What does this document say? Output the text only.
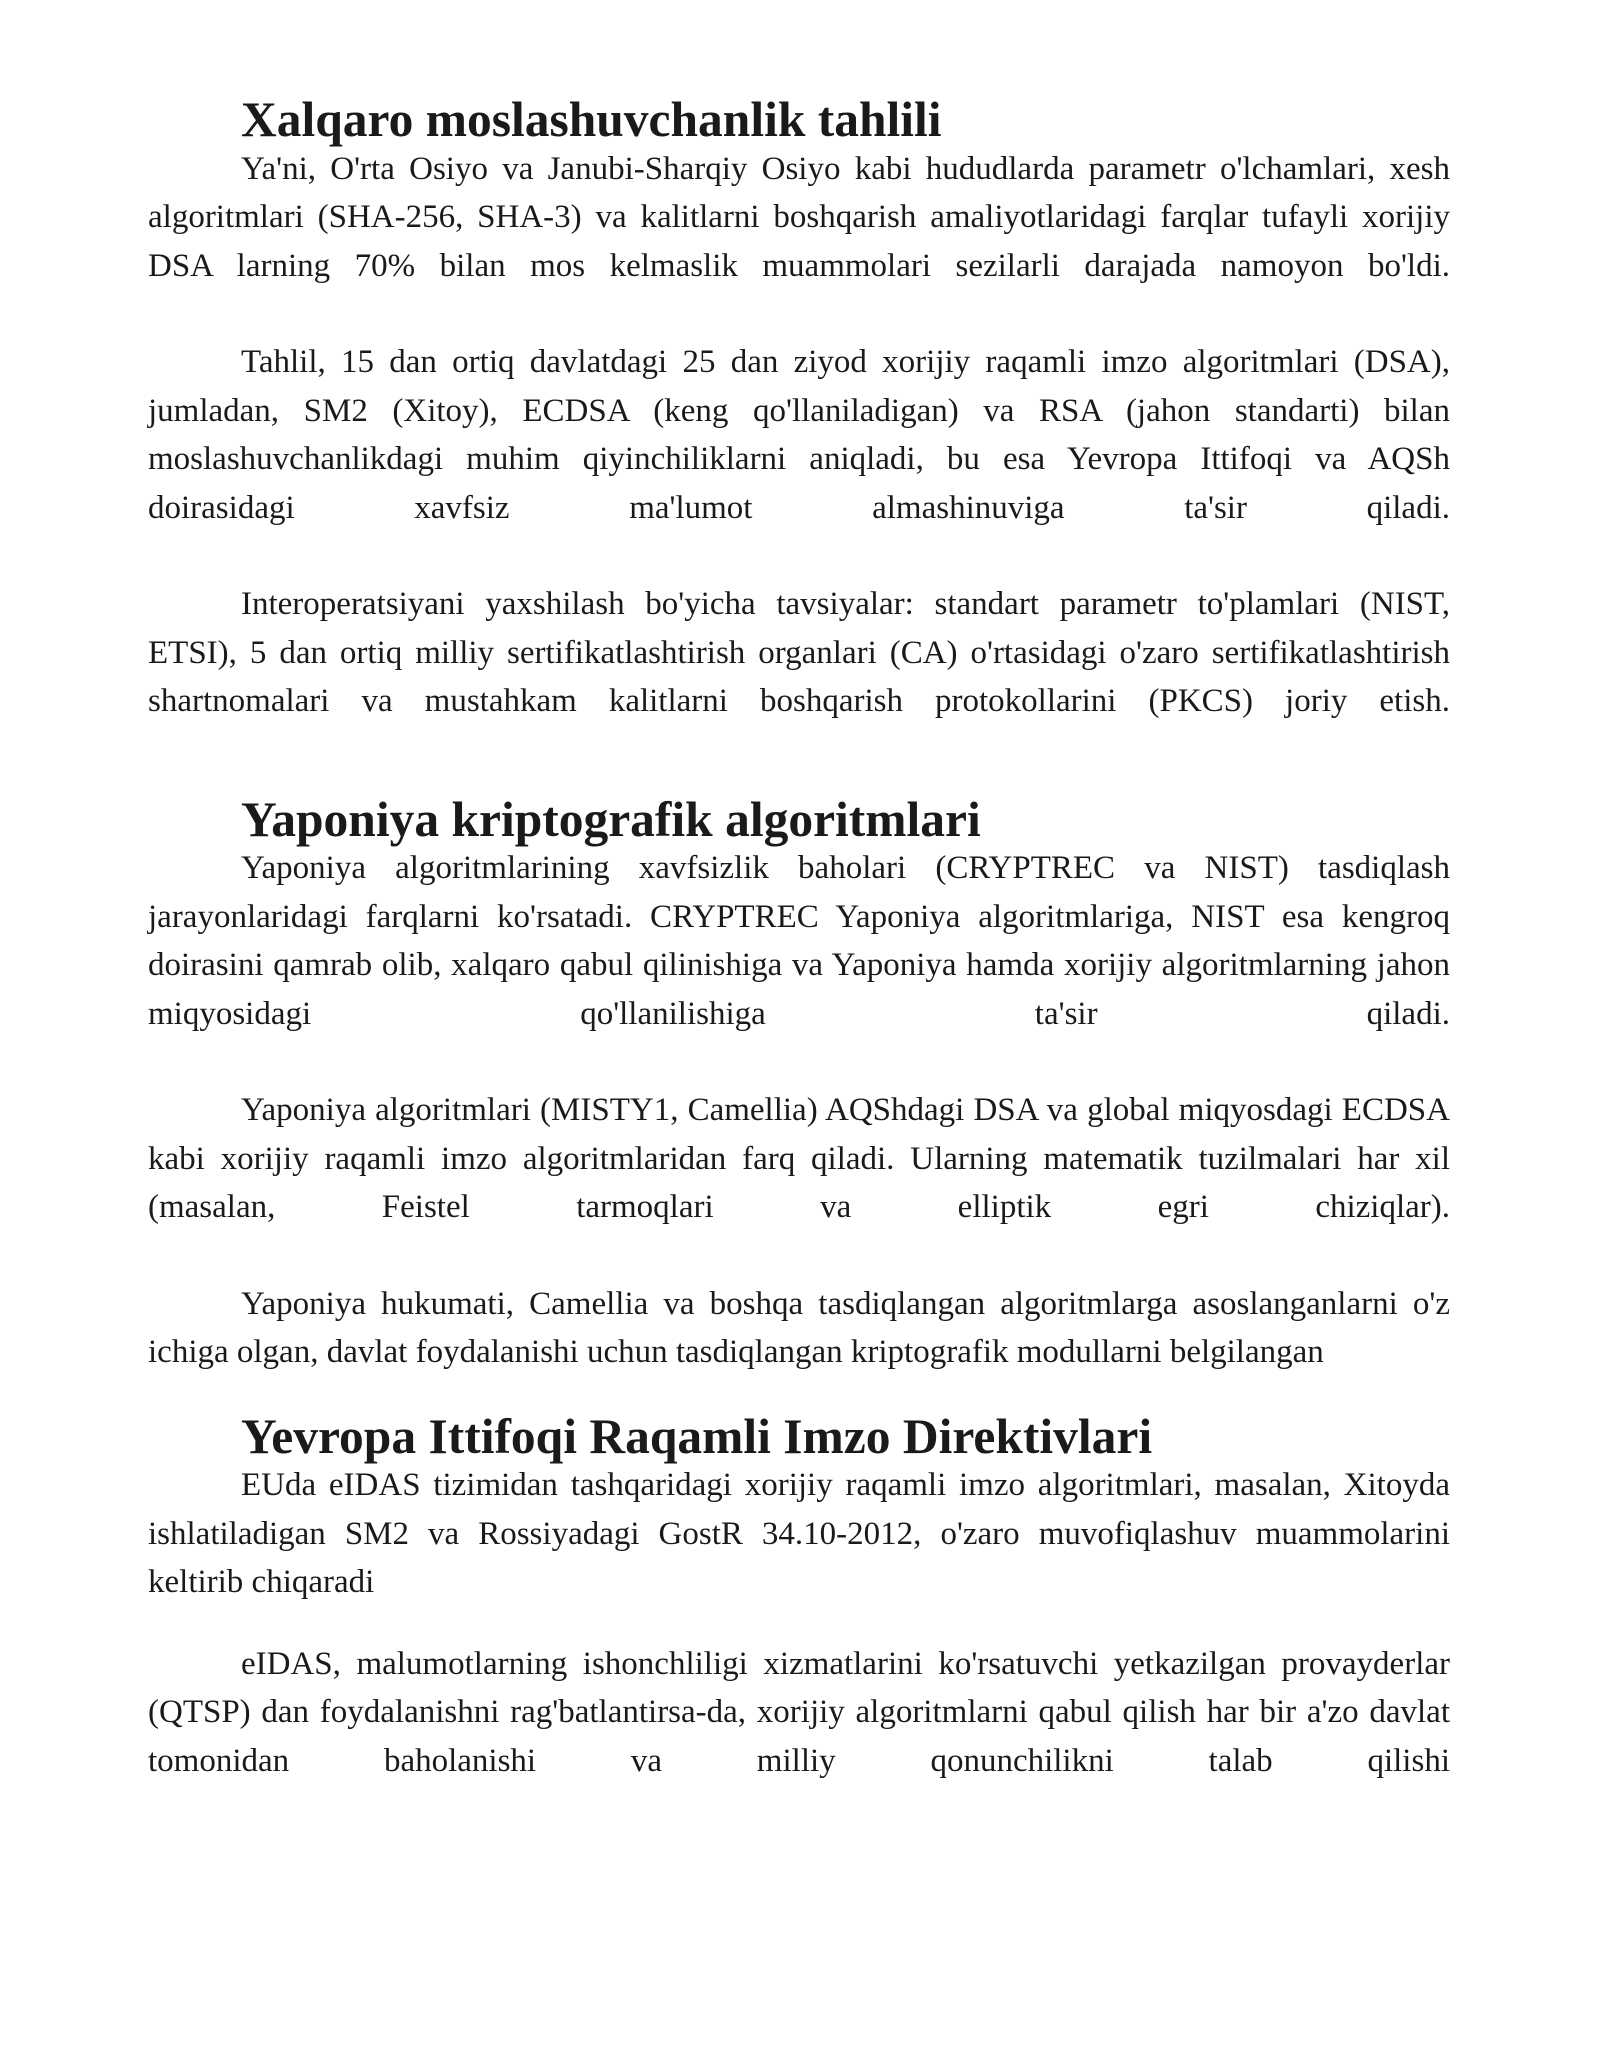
Xalqaro moslashuvchanlik tahlili

Ya'ni, O'rta Osiyo va Janubi-Sharqiy Osiyo kabi hududlarda parametr o'lchamlari, xesh algoritmlari (SHA-256, SHA-3) va kalitlarni boshqarish amaliyotlaridagi farqlar tufayli xorijiy DSA larning 70% bilan mos kelmaslik muammolari sezilarli darajada namoyon bo'ldi.

Tahlil, 15 dan ortiq davlatdagi 25 dan ziyod xorijiy raqamli imzo algoritmlari (DSA), jumladan, SM2 (Xitoy), ECDSA (keng qo'llaniladigan) va RSA (jahon standarti) bilan moslashuvchanlikdagi muhim qiyinchiliklarni aniqladi, bu esa Yevropa Ittifoqi va AQSh doirasidagi xavfsiz ma'lumot almashinuviga ta'sir qiladi.

Interoperatsiyani yaxshilash bo'yicha tavsiyalar: standart parametr to'plamlari (NIST, ETSI), 5 dan ortiq milliy sertifikatlashtirish organlari (CA) o'rtasidagi o'zaro sertifikatlashtirish shartnomalari va mustahkam kalitlarni boshqarish protokollarini (PKCS) joriy etish.

Yaponiya kriptografik algoritmlari

Yaponiya algoritmlarining xavfsizlik baholari (CRYPTREC va NIST) tasdiqlash jarayonlaridagi farqlarni ko'rsatadi. CRYPTREC Yaponiya algoritmlariga, NIST esa kengroq doirasini qamrab olib, xalqaro qabul qilinishiga va Yaponiya hamda xorijiy algoritmlarning jahon miqyosidagi qo'llanilishiga ta'sir qiladi.

Yaponiya algoritmlari (MISTY1, Camellia) AQShdagi DSA va global miqyosdagi ECDSA kabi xorijiy raqamli imzo algoritmlaridan farq qiladi. Ularning matematik tuzilmalari har xil (masalan, Feistel tarmoqlari va elliptik egri chiziqlar).

Yaponiya hukumati, Camellia va boshqa tasdiqlangan algoritmlarga asoslanganlarni o'z ichiga olgan, davlat foydalanishi uchun tasdiqlangan kriptografik modullarni belgilangan

Yevropa Ittifoqi Raqamli Imzo Direktivlari

EUda eIDAS tizimidan tashqaridagi xorijiy raqamli imzo algoritmlari, masalan, Xitoyda ishlatiladigan SM2 va Rossiyadagi GostR 34.10-2012, o'zaro muvofiqlashuv muammolarini keltirib chiqaradi

eIDAS, malumotlarning ishonchliligi xizmatlarini ko'rsatuvchi yetkazilgan provayderlar (QTSP) dan foydalanishni rag'batlantirsa-da, xorijiy algoritmlarni qabul qilish har bir a'zo davlat tomonidan baholanishi va milliy qonunchilikni talab qilishi
